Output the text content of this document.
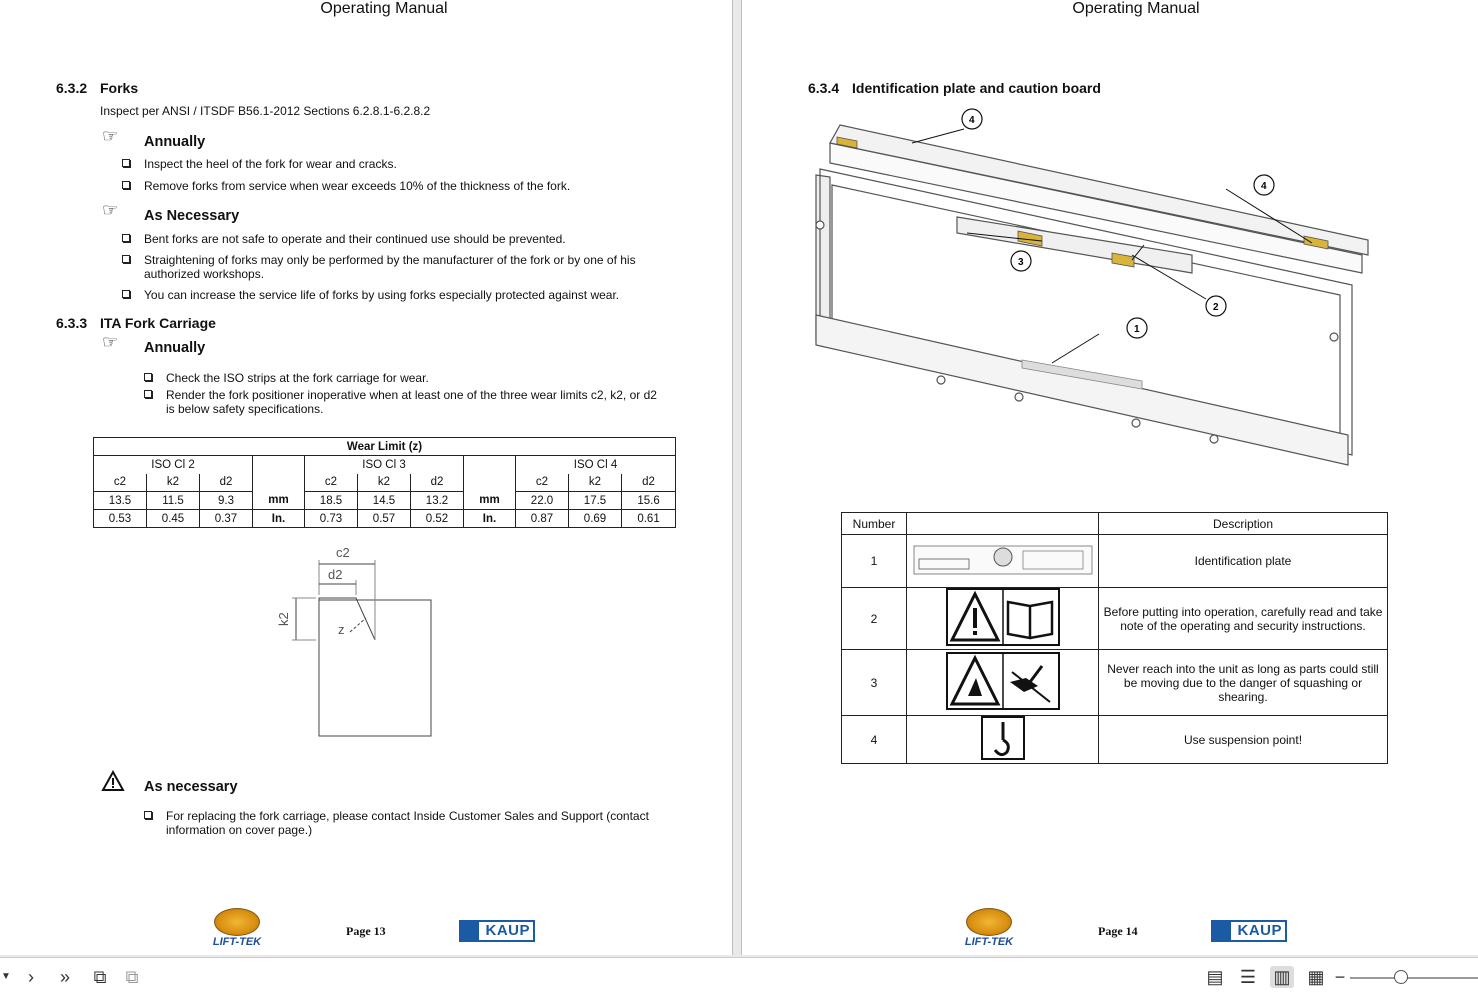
Operating Manual
6.3.2 Forks
Inspect per ANSI / ITSDF B56.1-2012 Sections 6.2.8.1-6.2.8.2
☞	Annually
Inspect the heel of the fork for wear and cracks.
Remove forks from service when wear exceeds 10% of the thickness of the fork.
☞	As Necessary
Bent forks are not safe to operate and their continued use should be prevented.
Straightening of forks may only be performed by the manufacturer of the fork or by one of his authorized workshops.
You can increase the service life of forks by using forks especially protected against wear.
6.3.3 ITA Fork Carriage
☞	Annually
Check the ISO strips at the fork carriage for wear.
Render the fork positioner inoperative when at least one of the three wear limits c2, k2, or d2 is below safety specifications.
Wear Limit (z)										
ISO Cl 2				ISO Cl 3				ISO Cl 4		
c2	k2	d2		c2	k2	d2		c2	k2	d2
13.5	11.5	9.3	mm	18.5	14.5	13.2	mm	22.0	17.5	15.6
0.53	0.45	0.37	In.	0.73	0.57	0.52	In.	0.87	0.69	0.61
c2
d2
k2
z
As necessary
For replacing the fork carriage, please contact Inside Customer Sales and Support (contact information on cover page.)
LIFT-TEK
Page 13	KAUP
Operating Manual
6.3.4 Identification plate and caution board
4
4
3
2
1
Number		Description
1		Identification plate
2		Before putting into operation, carefully read and take note of the operating and security instructions.
3		Never reach into the unit as long as parts could still be moving due to the danger of squashing or shearing.
4		Use suspension point!
LIFT-TEK
Page 14	KAUP
▼ ›	»	⧉	⧉	▤ ☰ ▥ ▦ −
